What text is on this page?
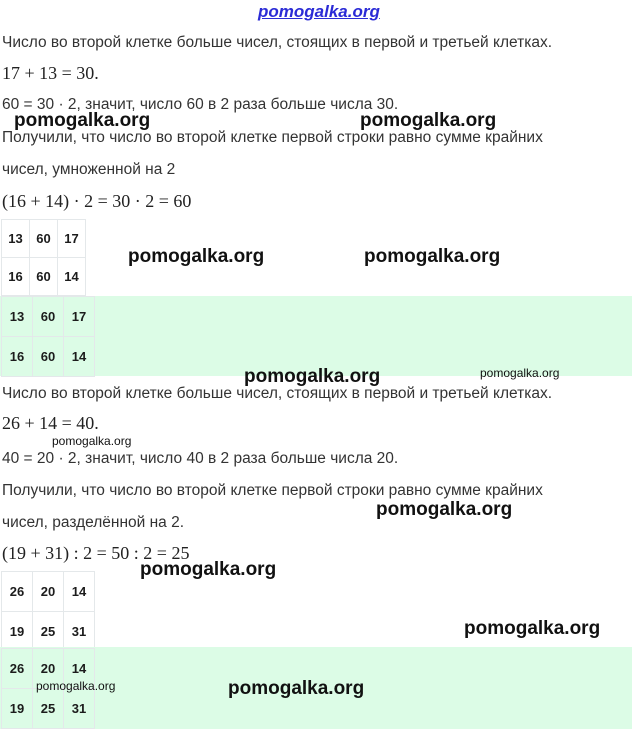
pomogalka.org
Число во второй клетке больше чисел, стоящих в первой и третьей клетках.
17 + 13 = 30.
60 = 30 · 2, значит, число 60 в 2 раза больше числа 30.
Получили, что число во второй клетке первой строки равно сумме крайних
чисел, умноженной на 2
(16 + 14) · 2 = 30 · 2 = 60
13	60	17
16	60	14
13	60	17
16	60	14
Число во второй клетке больше чисел, стоящих в первой и третьей клетках.
26 + 14 = 40.
40 = 20 · 2, значит, число 40 в 2 раза больше числа 20.
Получили, что число во второй клетке первой строки равно сумме крайних
чисел, разделённой на 2.
(19 + 31) : 2 = 50 : 2 = 25
26	20	14
19	25	31
26	20	14
19	25	31
pomogalka.org	pomogalka.org
pomogalka.org	pomogalka.org
pomogalka.org	pomogalka.org
pomogalka.org
pomogalka.org
pomogalka.org
pomogalka.org
pomogalka.org	pomogalka.org
